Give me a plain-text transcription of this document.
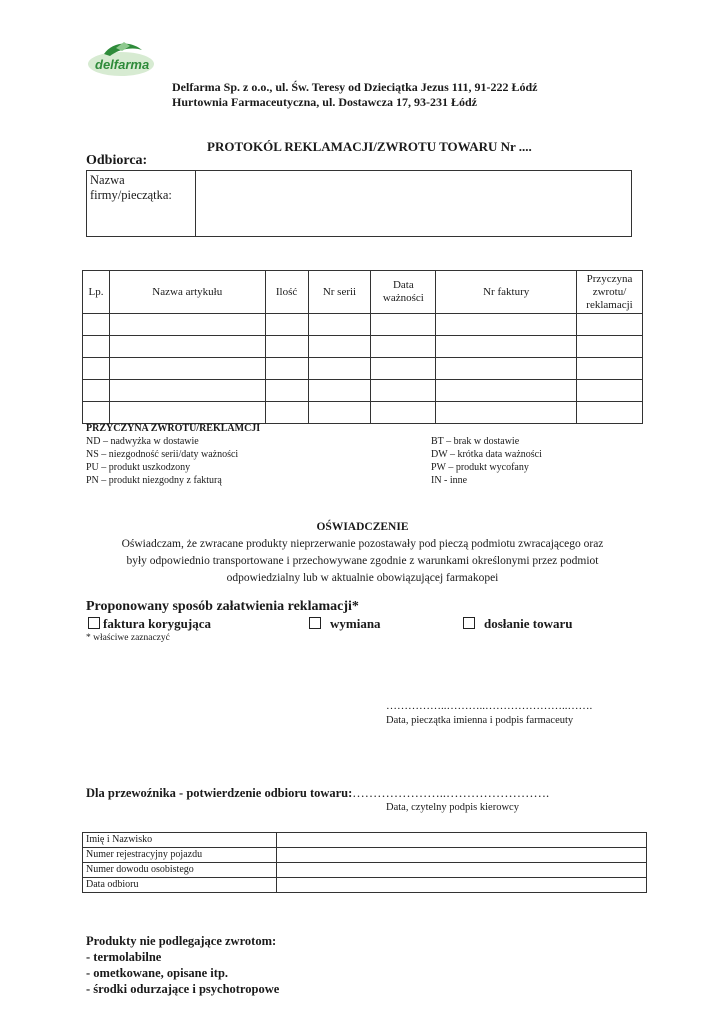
delfarma
Delfarma Sp. z o.o., ul. Św. Teresy od Dzieciątka Jezus 111, 91-222 Łódź
Hurtownia Farmaceutyczna, ul. Dostawcza 17, 93-231 Łódź
PROTOKÓL REKLAMACJI/ZWROTU TOWARU Nr ....
Odbiorca:
Nazwa
firmy/pieczątka:

Lp.	Nazwa artykułu	Ilość	Nr serii	Data ważności	Nr faktury	Przyczyna zwrotu/ reklamacji

PRZYCZYNA ZWROTU/REKLAMCJI
ND – nadwyżka w dostawie
NS – niezgodność serii/daty ważności
PU – produkt uszkodzony
PN – produkt niezgodny z fakturą
BT – brak w dostawie
DW – krótka data ważności
PW – produkt wycofany
IN - inne
OŚWIADCZENIE
Oświadczam, że zwracane produkty nieprzerwanie pozostawały pod pieczą podmiotu zwracającego oraz
były odpowiednio transportowane i przechowywane zgodnie z warunkami określonymi przez podmiot
odpowiedzialny lub w aktualnie obowiązującej farmakopei
Proponowany sposób załatwienia reklamacji*
faktura korygująca	wymiana	dosłanie towaru
* właściwe zaznaczyć
……………..………..…………………..…….
Data, pieczątka imienna i podpis farmaceuty
Dla przewoźnika - potwierdzenie odbioru towaru:…………………..…………………….
Data, czytelny podpis kierowcy
Imię i Nazwisko	
Numer rejestracyjny pojazdu	
Numer dowodu osobistego	
Data odbioru	
Produkty nie podlegające zwrotom:
- termolabilne
- ometkowane, opisane itp.
- środki odurzające i psychotropowe
